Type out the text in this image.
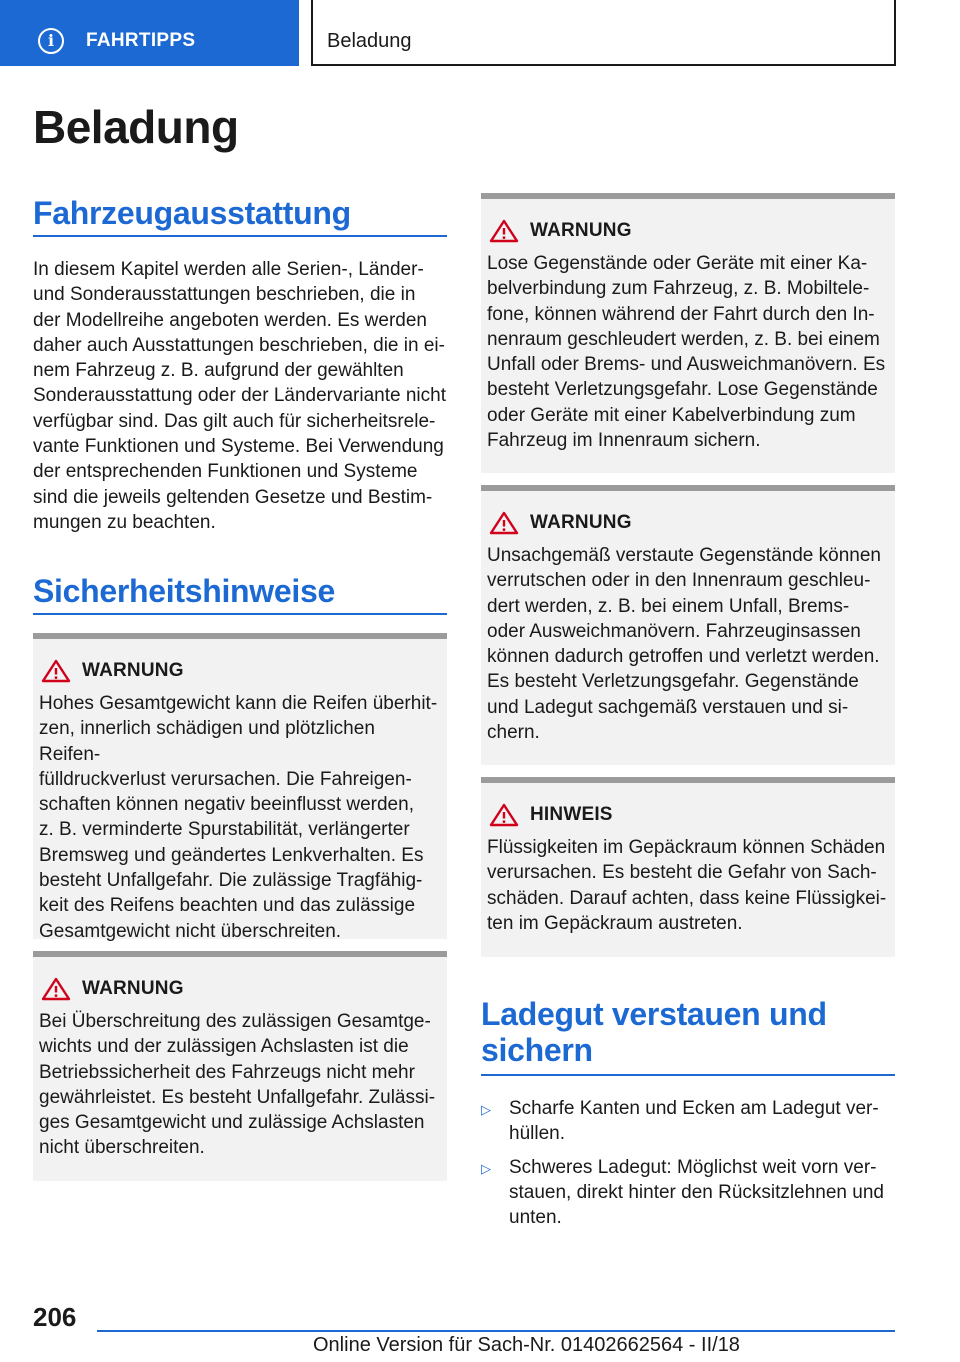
i	FAHRTIPPS	Beladung
Beladung
Fahrzeugausstattung
In diesem Kapitel werden alle Serien-, Länder-
und Sonderausstattungen beschrieben, die in
der Modellreihe angeboten werden. Es werden
daher auch Ausstattungen beschrieben, die in ei-
nem Fahrzeug z. B. aufgrund der gewählten
Sonderausstattung oder der Ländervariante nicht
verfügbar sind. Das gilt auch für sicherheitsrele-
vante Funktionen und Systeme. Bei Verwendung
der entsprechenden Funktionen und Systeme
sind die jeweils geltenden Gesetze und Bestim-
mungen zu beachten.
Sicherheitshinweise
WARNUNG
Hohes Gesamtgewicht kann die Reifen überhit-
zen, innerlich schädigen und plötzlichen Reifen-
fülldruckverlust verursachen. Die Fahreigen-
schaften können negativ beeinflusst werden,
z. B. verminderte Spurstabilität, verlängerter
Bremsweg und geändertes Lenkverhalten. Es
besteht Unfallgefahr. Die zulässige Tragfähig-
keit des Reifens beachten und das zulässige
Gesamtgewicht nicht überschreiten.
WARNUNG
Bei Überschreitung des zulässigen Gesamtge-
wichts und der zulässigen Achslasten ist die
Betriebssicherheit des Fahrzeugs nicht mehr
gewährleistet. Es besteht Unfallgefahr. Zulässi-
ges Gesamtgewicht und zulässige Achslasten
nicht überschreiten.
WARNUNG
Lose Gegenstände oder Geräte mit einer Ka-
belverbindung zum Fahrzeug, z. B. Mobiltele-
fone, können während der Fahrt durch den In-
nenraum geschleudert werden, z. B. bei einem
Unfall oder Brems- und Ausweichmanövern. Es
besteht Verletzungsgefahr. Lose Gegenstände
oder Geräte mit einer Kabelverbindung zum
Fahrzeug im Innenraum sichern.
WARNUNG
Unsachgemäß verstaute Gegenstände können
verrutschen oder in den Innenraum geschleu-
dert werden, z. B. bei einem Unfall, Brems-
oder Ausweichmanövern. Fahrzeuginsassen
können dadurch getroffen und verletzt werden.
Es besteht Verletzungsgefahr. Gegenstände
und Ladegut sachgemäß verstauen und si-
chern.
HINWEIS
Flüssigkeiten im Gepäckraum können Schäden
verursachen. Es besteht die Gefahr von Sach-
schäden. Darauf achten, dass keine Flüssigkei-
ten im Gepäckraum austreten.
Ladegut verstauen und
sichern
▷ Scharfe Kanten und Ecken am Ladegut ver-
hüllen.
▷ Schweres Ladegut: Möglichst weit vorn ver-
stauen, direkt hinter den Rücksitzlehnen und
unten.
206
Online Version für Sach-Nr. 01402662564 - II/18
